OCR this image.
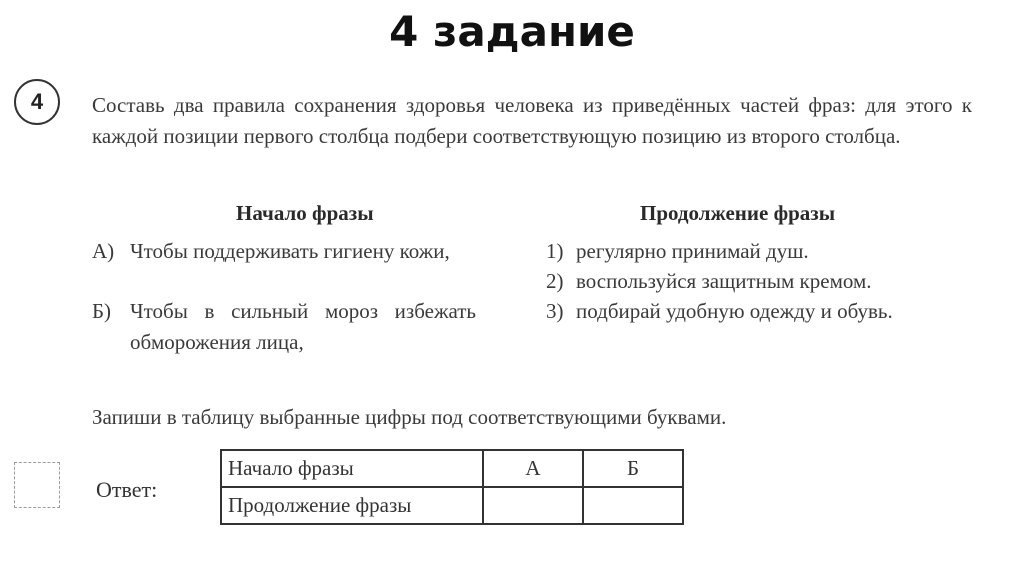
4 задание
4	Составь два правила сохранения здоровья человека из приведённых частей фраз: для этого к каждой позиции первого столбца подбери соответствующую позицию из второго столбца.
Начало фразы	Продолжение фразы
А) Чтобы поддерживать гигиену кожи,
Б) Чтобы в сильный мороз избежать обморожения лица,
1) регулярно принимай душ.
2) воспользуйся защитным кремом.
3) подбирай удобную одежду и обувь.
Запиши в таблицу выбранные цифры под соответствующими буквами.
Ответ:
Начало фразы	А	Б
Продолжение фразы		
